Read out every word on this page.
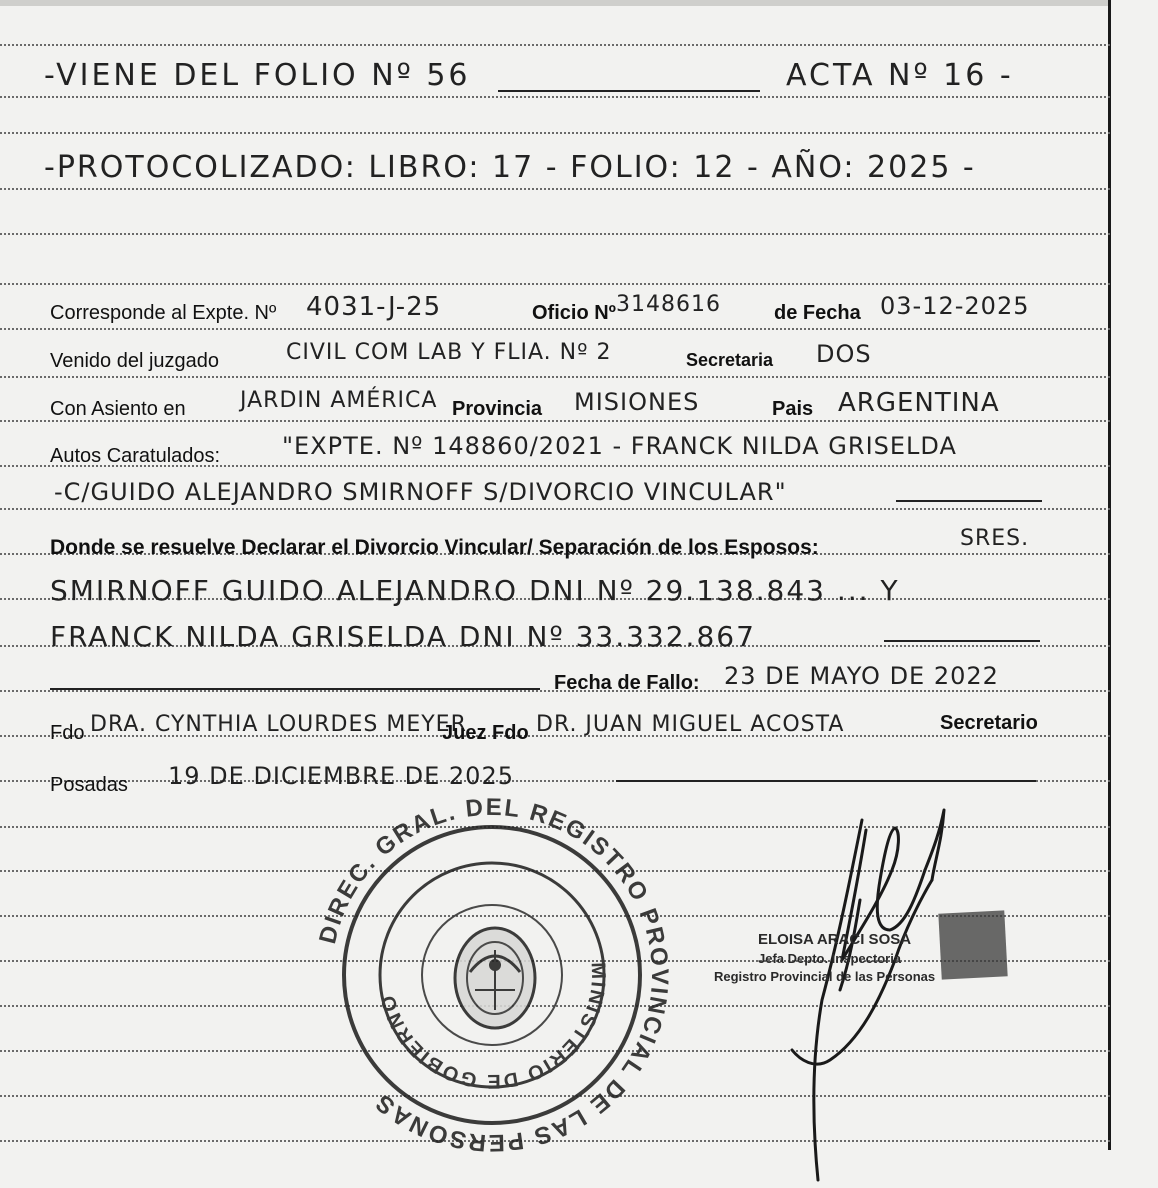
-VIENE DEL FOLIO Nº 56	ACTA Nº 16 -
-PROTOCOLIZADO: LIBRO: 17 - FOLIO: 12 - AÑO: 2025 -
Corresponde al Expte. Nº 4031-J-25	Oficio Nº 3148616	de Fecha 03-12-2025
Venido del juzgado	CIVIL COM LAB Y FLIA. Nº 2	Secretaria DOS
Con Asiento en JARDIN AMÉRICA Provincia MISIONES	Pais ARGENTINA
Autos Caratulados:	"EXPTE. Nº 148860/2021 - FRANCK NILDA GRISELDA
-C/GUIDO ALEJANDRO SMIRNOFF S/DIVORCIO VINCULAR"
Donde se resuelve Declarar el Divorcio Vincular/ Separación de los Esposos:	SRES.
SMIRNOFF GUIDO ALEJANDRO DNI Nº 29.138.843 ... Y
FRANCK NILDA GRISELDA DNI Nº 33.332.867
Fecha de Fallo: 23 DE MAYO DE 2022
Fdo DRA. CYNTHIA LOURDES MEYER
Juez Fdo DR. JUAN MIGUEL ACOSTA	Secretario
Posadas 19 DE DICIEMBRE DE 2025
DIREC. GRAL. DEL REGISTRO PROVINCIAL DE LAS PERSONAS
MINISTERIO DE GOBIERNO
ELOISA ARACI SOSA
Jefa Depto. Inspectoria
Registro Provincial de las Personas
